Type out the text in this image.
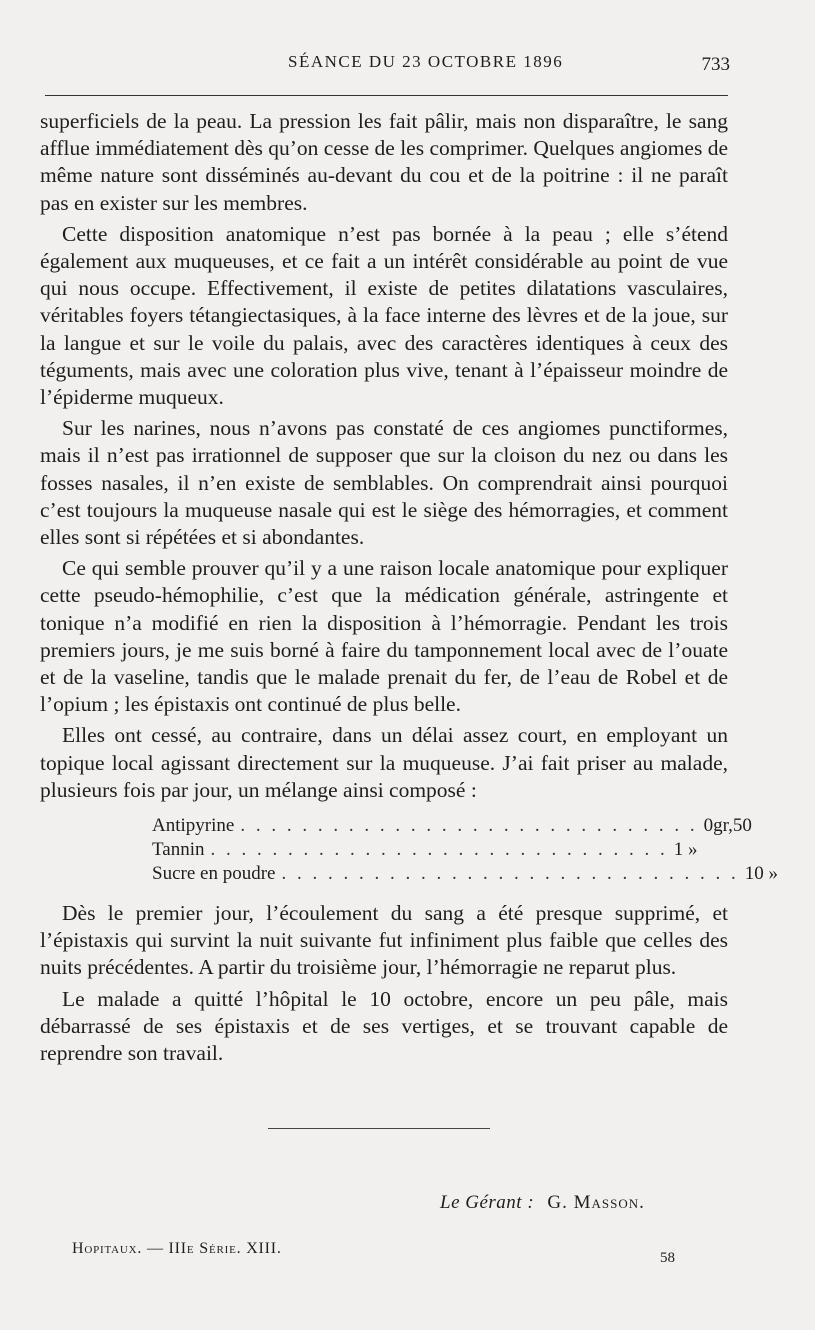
SÉANCE DU 23 OCTOBRE 1896	733

superficiels de la peau. La pression les fait pâlir, mais non disparaître, le sang afflue immédiatement dès qu’on cesse de les comprimer. Quelques angiomes de même nature sont disséminés au-devant du cou et de la poitrine : il ne paraît pas en exister sur les membres.

Cette disposition anatomique n’est pas bornée à la peau ; elle s’étend également aux muqueuses, et ce fait a un intérêt considérable au point de vue qui nous occupe. Effectivement, il existe de petites dilatations vasculaires, véritables foyers tétangiectasiques, à la face interne des lèvres et de la joue, sur la langue et sur le voile du palais, avec des caractères identiques à ceux des téguments, mais avec une coloration plus vive, tenant à l’épaisseur moindre de l’épiderme muqueux.

Sur les narines, nous n’avons pas constaté de ces angiomes punctiformes, mais il n’est pas irrationnel de supposer que sur la cloison du nez ou dans les fosses nasales, il n’en existe de semblables. On comprendrait ainsi pourquoi c’est toujours la muqueuse nasale qui est le siège des hémorragies, et comment elles sont si répétées et si abondantes.

Ce qui semble prouver qu’il y a une raison locale anatomique pour expliquer cette pseudo-hémophilie, c’est que la médication générale, astringente et tonique n’a modifié en rien la disposition à l’hémorragie. Pendant les trois premiers jours, je me suis borné à faire du tamponnement local avec de l’ouate et de la vaseline, tandis que le malade prenait du fer, de l’eau de Robel et de l’opium ; les épistaxis ont continué de plus belle.

Elles ont cessé, au contraire, dans un délai assez court, en employant un topique local agissant directement sur la muqueuse. J’ai fait priser au malade, plusieurs fois par jour, un mélange ainsi composé :

Antipyrine . . . . . . . . . . . . . . . . . . . . . . . . . . . . . . 0gr,50
Tannin . . . . . . . . . . . . . . . . . . . . . . . . . . . . . . 1 »
Sucre en poudre . . . . . . . . . . . . . . . . . . . . . . . . . . . . . . 10 »

Dès le premier jour, l’écoulement du sang a été presque supprimé, et l’épistaxis qui survint la nuit suivante fut infiniment plus faible que celles des nuits précédentes. A partir du troisième jour, l’hémorragie ne reparut plus.

Le malade a quitté l’hôpital le 10 octobre, encore un peu pâle, mais débarrassé de ses épistaxis et de ses vertiges, et se trouvant capable de reprendre son travail.

Le Gérant : G. Masson.
Hopitaux. — IIIe Série. XIII.
58
